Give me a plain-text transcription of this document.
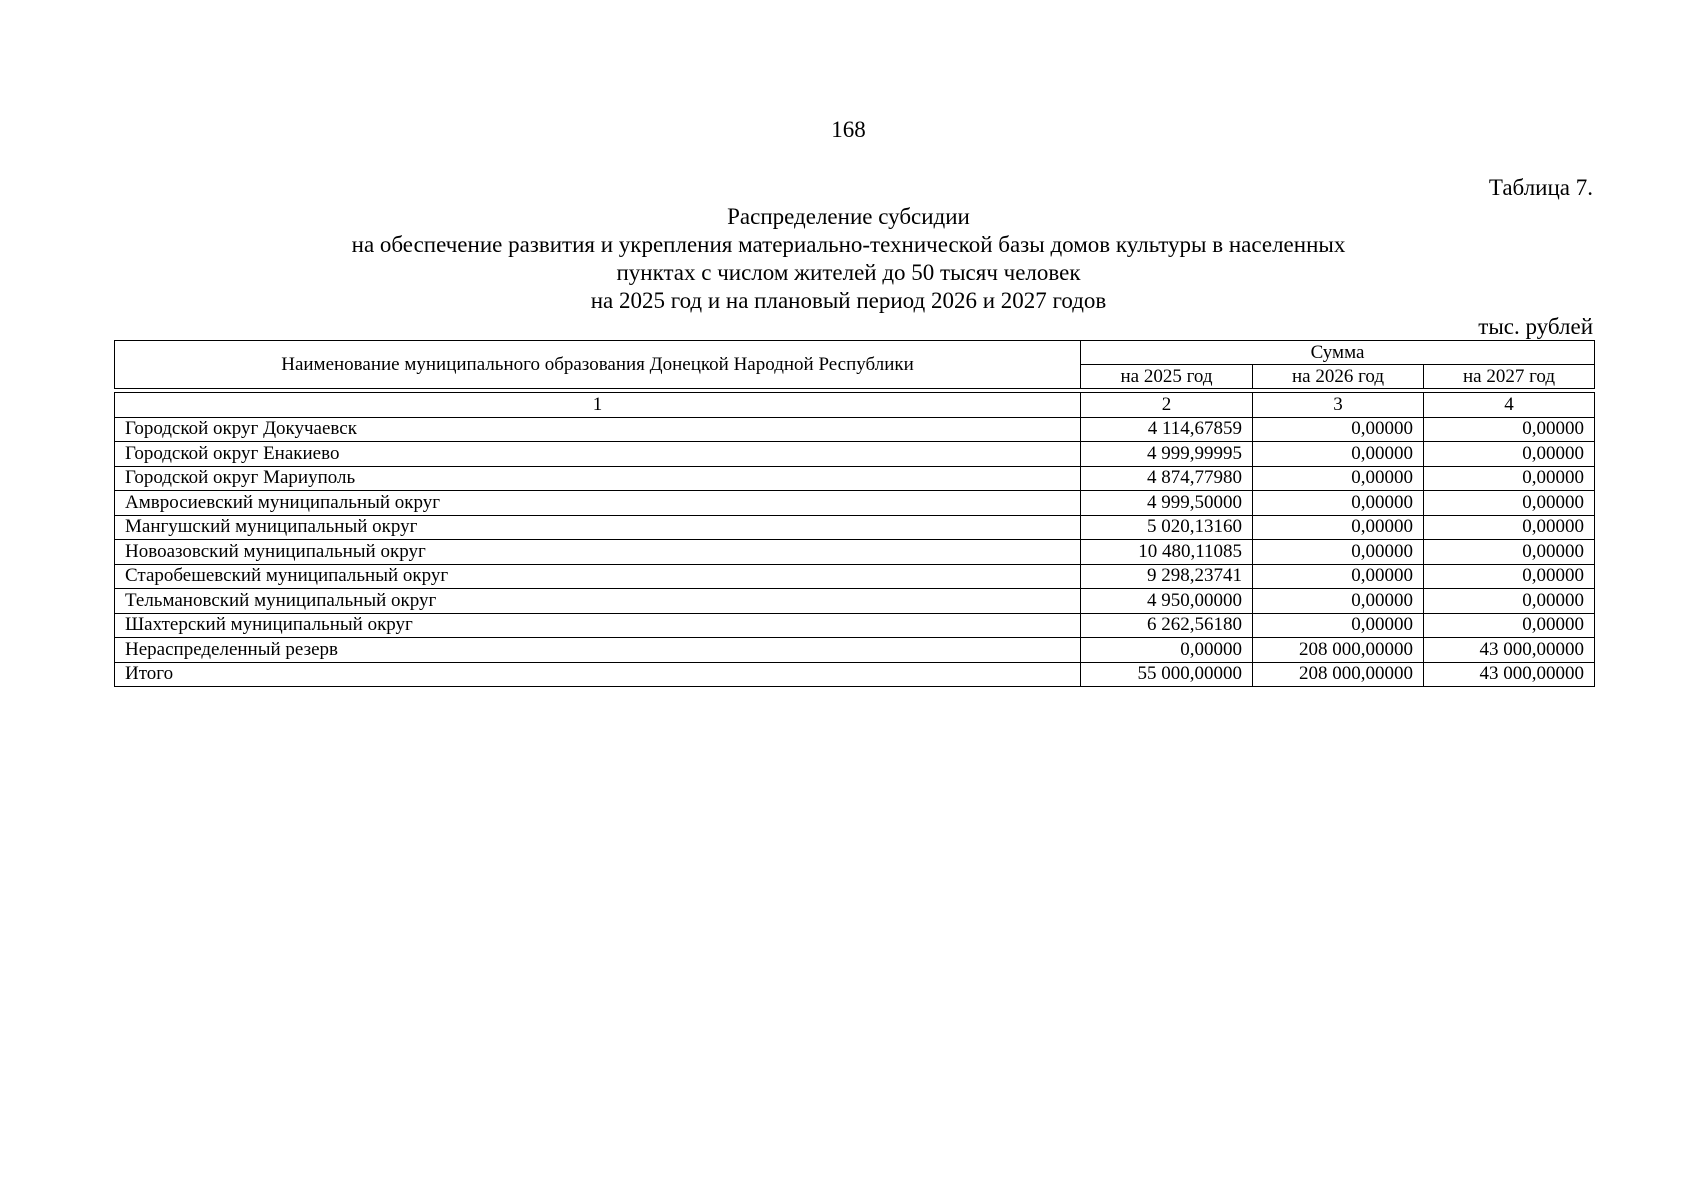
168
Таблица 7.
Распределение субсидии
на обеспечение развития и укрепления материально-технической базы домов культуры в населенных
пунктах с числом жителей до 50 тысяч человек
на 2025 год и на плановый период 2026 и 2027 годов
тыс. рублей
Наименование муниципального образования Донецкой Народной Республики	Сумма		
	на 2025 год	на 2026 год	на 2027 год
1	2	3	4
Городской округ Докучаевск	4 114,67859	0,00000	0,00000
Городской округ Енакиево	4 999,99995	0,00000	0,00000
Городской округ Мариуполь	4 874,77980	0,00000	0,00000
Амвросиевский муниципальный округ	4 999,50000	0,00000	0,00000
Мангушский муниципальный округ	5 020,13160	0,00000	0,00000
Новоазовский муниципальный округ	10 480,11085	0,00000	0,00000
Старобешевский муниципальный округ	9 298,23741	0,00000	0,00000
Тельмановский муниципальный округ	4 950,00000	0,00000	0,00000
Шахтерский муниципальный округ	6 262,56180	0,00000	0,00000
Нераспределенный резерв	0,00000	208 000,00000	43 000,00000
Итого	55 000,00000	208 000,00000	43 000,00000
